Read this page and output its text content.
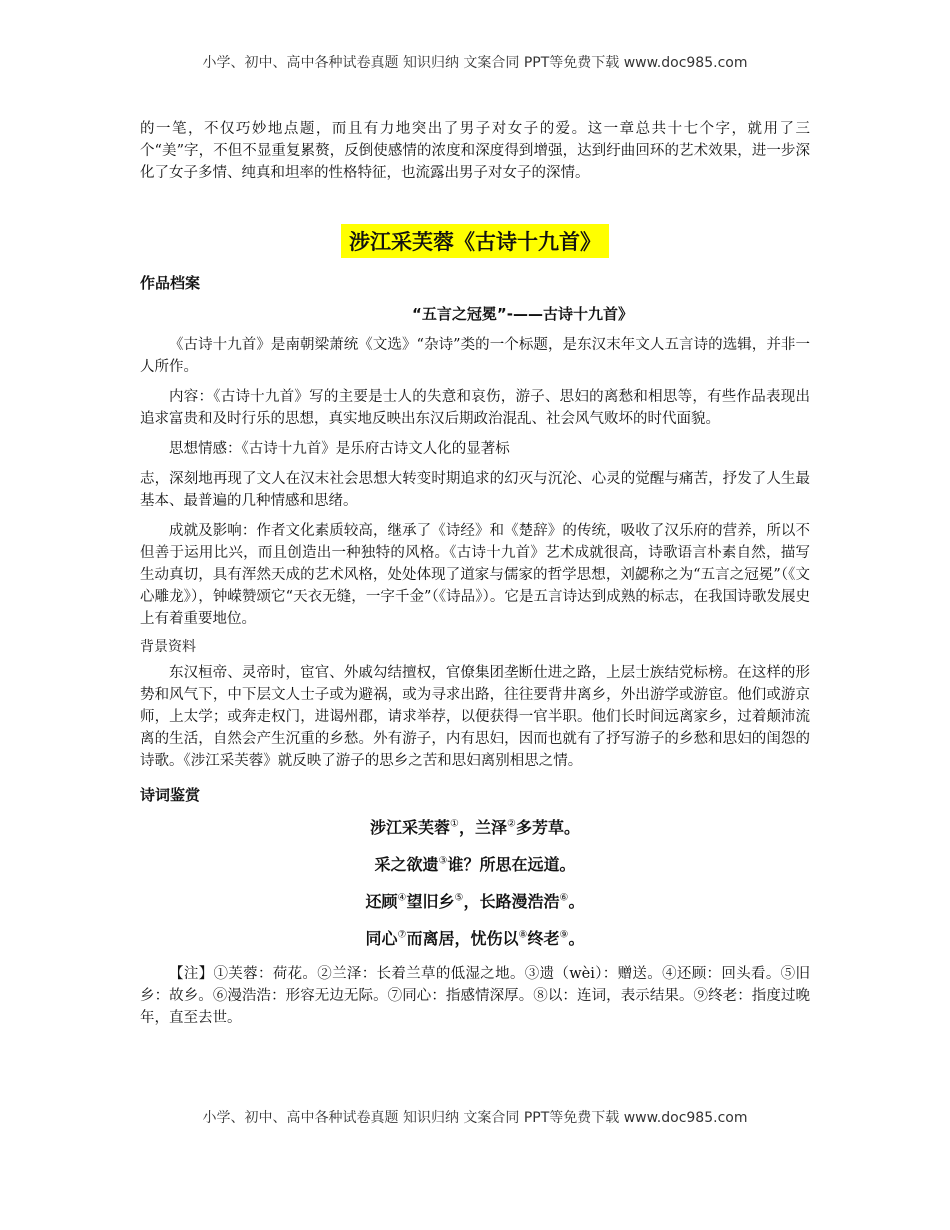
小学、初中、高中各种试卷真题 知识归纳 文案合同 PPT等免费下载 www.doc985.com

的一笔，不仅巧妙地点题，而且有力地突出了男子对女子的爱。这一章总共十七个字，就用了三个“美”字，不但不显重复累赘，反倒使感情的浓度和深度得到增强，达到纡曲回环的艺术效果，进一步深化了女子多情、纯真和坦率的性格特征，也流露出男子对女子的深情。

涉江采芙蓉《古诗十九首》

作品档案

“五言之冠冕”-——古诗十九首》

《古诗十九首》是南朝梁萧统《文选》“杂诗”类的一个标题，是东汉末年文人五言诗的选辑，并非一人所作。

内容：《古诗十九首》写的主要是士人的失意和哀伤，游子、思妇的离愁和相思等，有些作品表现出追求富贵和及时行乐的思想，真实地反映出东汉后期政治混乱、社会风气败坏的时代面貌。

思想情感：《古诗十九首》是乐府古诗文人化的显著标

志，深刻地再现了文人在汉末社会思想大转变时期追求的幻灭与沉沦、心灵的觉醒与痛苦，抒发了人生最基本、最普遍的几种情感和思绪。

成就及影响：作者文化素质较高，继承了《诗经》和《楚辞》的传统，吸收了汉乐府的营养，所以不但善于运用比兴，而且创造出一种独特的风格。《古诗十九首》艺术成就很高，诗歌语言朴素自然，描写生动真切，具有浑然天成的艺术风格，处处体现了道家与儒家的哲学思想，刘勰称之为“五言之冠冕”（《文心雕龙》），钟嵘赞颂它“天衣无缝，一字千金”（《诗品》）。它是五言诗达到成熟的标志，在我国诗歌发展史上有着重要地位。

背景资料

东汉桓帝、灵帝时，宦官、外戚勾结擅权，官僚集团垄断仕进之路，上层士族结党标榜。在这样的形势和风气下，中下层文人士子或为避祸，或为寻求出路，往往要背井离乡，外出游学或游宦。他们或游京师，上太学；或奔走权门，进谒州郡，请求举荐，以便获得一官半职。他们长时间远离家乡，过着颠沛流离的生活，自然会产生沉重的乡愁。外有游子，内有思妇，因而也就有了抒写游子的乡愁和思妇的闺怨的诗歌。《涉江采芙蓉》就反映了游子的思乡之苦和思妇离别相思之情。

诗词鉴赏

涉江采芙蓉①，兰泽②多芳草。

采之欲遗③谁？所思在远道。

还顾④望旧乡⑤，长路漫浩浩⑥。

同心⑦而离居，忧伤以⑧终老⑨。

【注】①芙蓉：荷花。②兰泽：长着兰草的低湿之地。③遗（wèi）：赠送。④还顾：回头看。⑤旧乡：故乡。⑥漫浩浩：形容无边无际。⑦同心：指感情深厚。⑧以：连词，表示结果。⑨终老：指度过晚年，直至去世。

小学、初中、高中各种试卷真题 知识归纳 文案合同 PPT等免费下载 www.doc985.com
